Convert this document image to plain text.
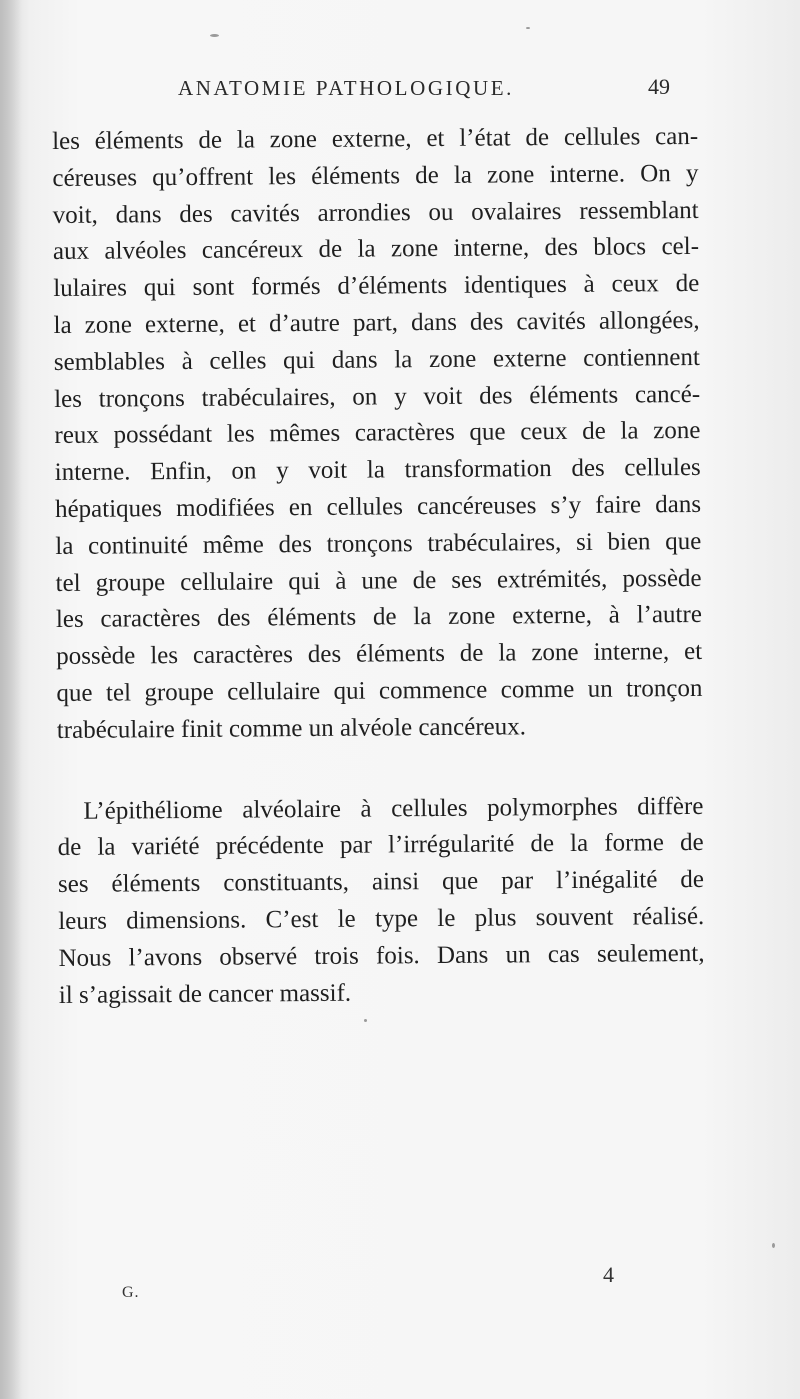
ANATOMIE PATHOLOGIQUE.	49
les éléments de la zone externe, et l’état de cellules can-
céreuses qu’offrent les éléments de la zone interne. On y
voit, dans des cavités arrondies ou ovalaires ressemblant
aux alvéoles cancéreux de la zone interne, des blocs cel-
lulaires qui sont formés d’éléments identiques à ceux de
la zone externe, et d’autre part, dans des cavités allongées,
semblables à celles qui dans la zone externe contiennent
les tronçons trabéculaires, on y voit des éléments cancé-
reux possédant les mêmes caractères que ceux de la zone
interne. Enfin, on y voit la transformation des cellules
hépatiques modifiées en cellules cancéreuses s’y faire dans
la continuité même des tronçons trabéculaires, si bien que
tel groupe cellulaire qui à une de ses extrémités, possède
les caractères des éléments de la zone externe, à l’autre
possède les caractères des éléments de la zone interne, et
que tel groupe cellulaire qui commence comme un tronçon
trabéculaire finit comme un alvéole cancéreux.
L’épithéliome alvéolaire à cellules polymorphes diffère
de la variété précédente par l’irrégularité de la forme de
ses éléments constituants, ainsi que par l’inégalité de
leurs dimensions. C’est le type le plus souvent réalisé.
Nous l’avons observé trois fois. Dans un cas seulement,
il s’agissait de cancer massif.
G.
4
